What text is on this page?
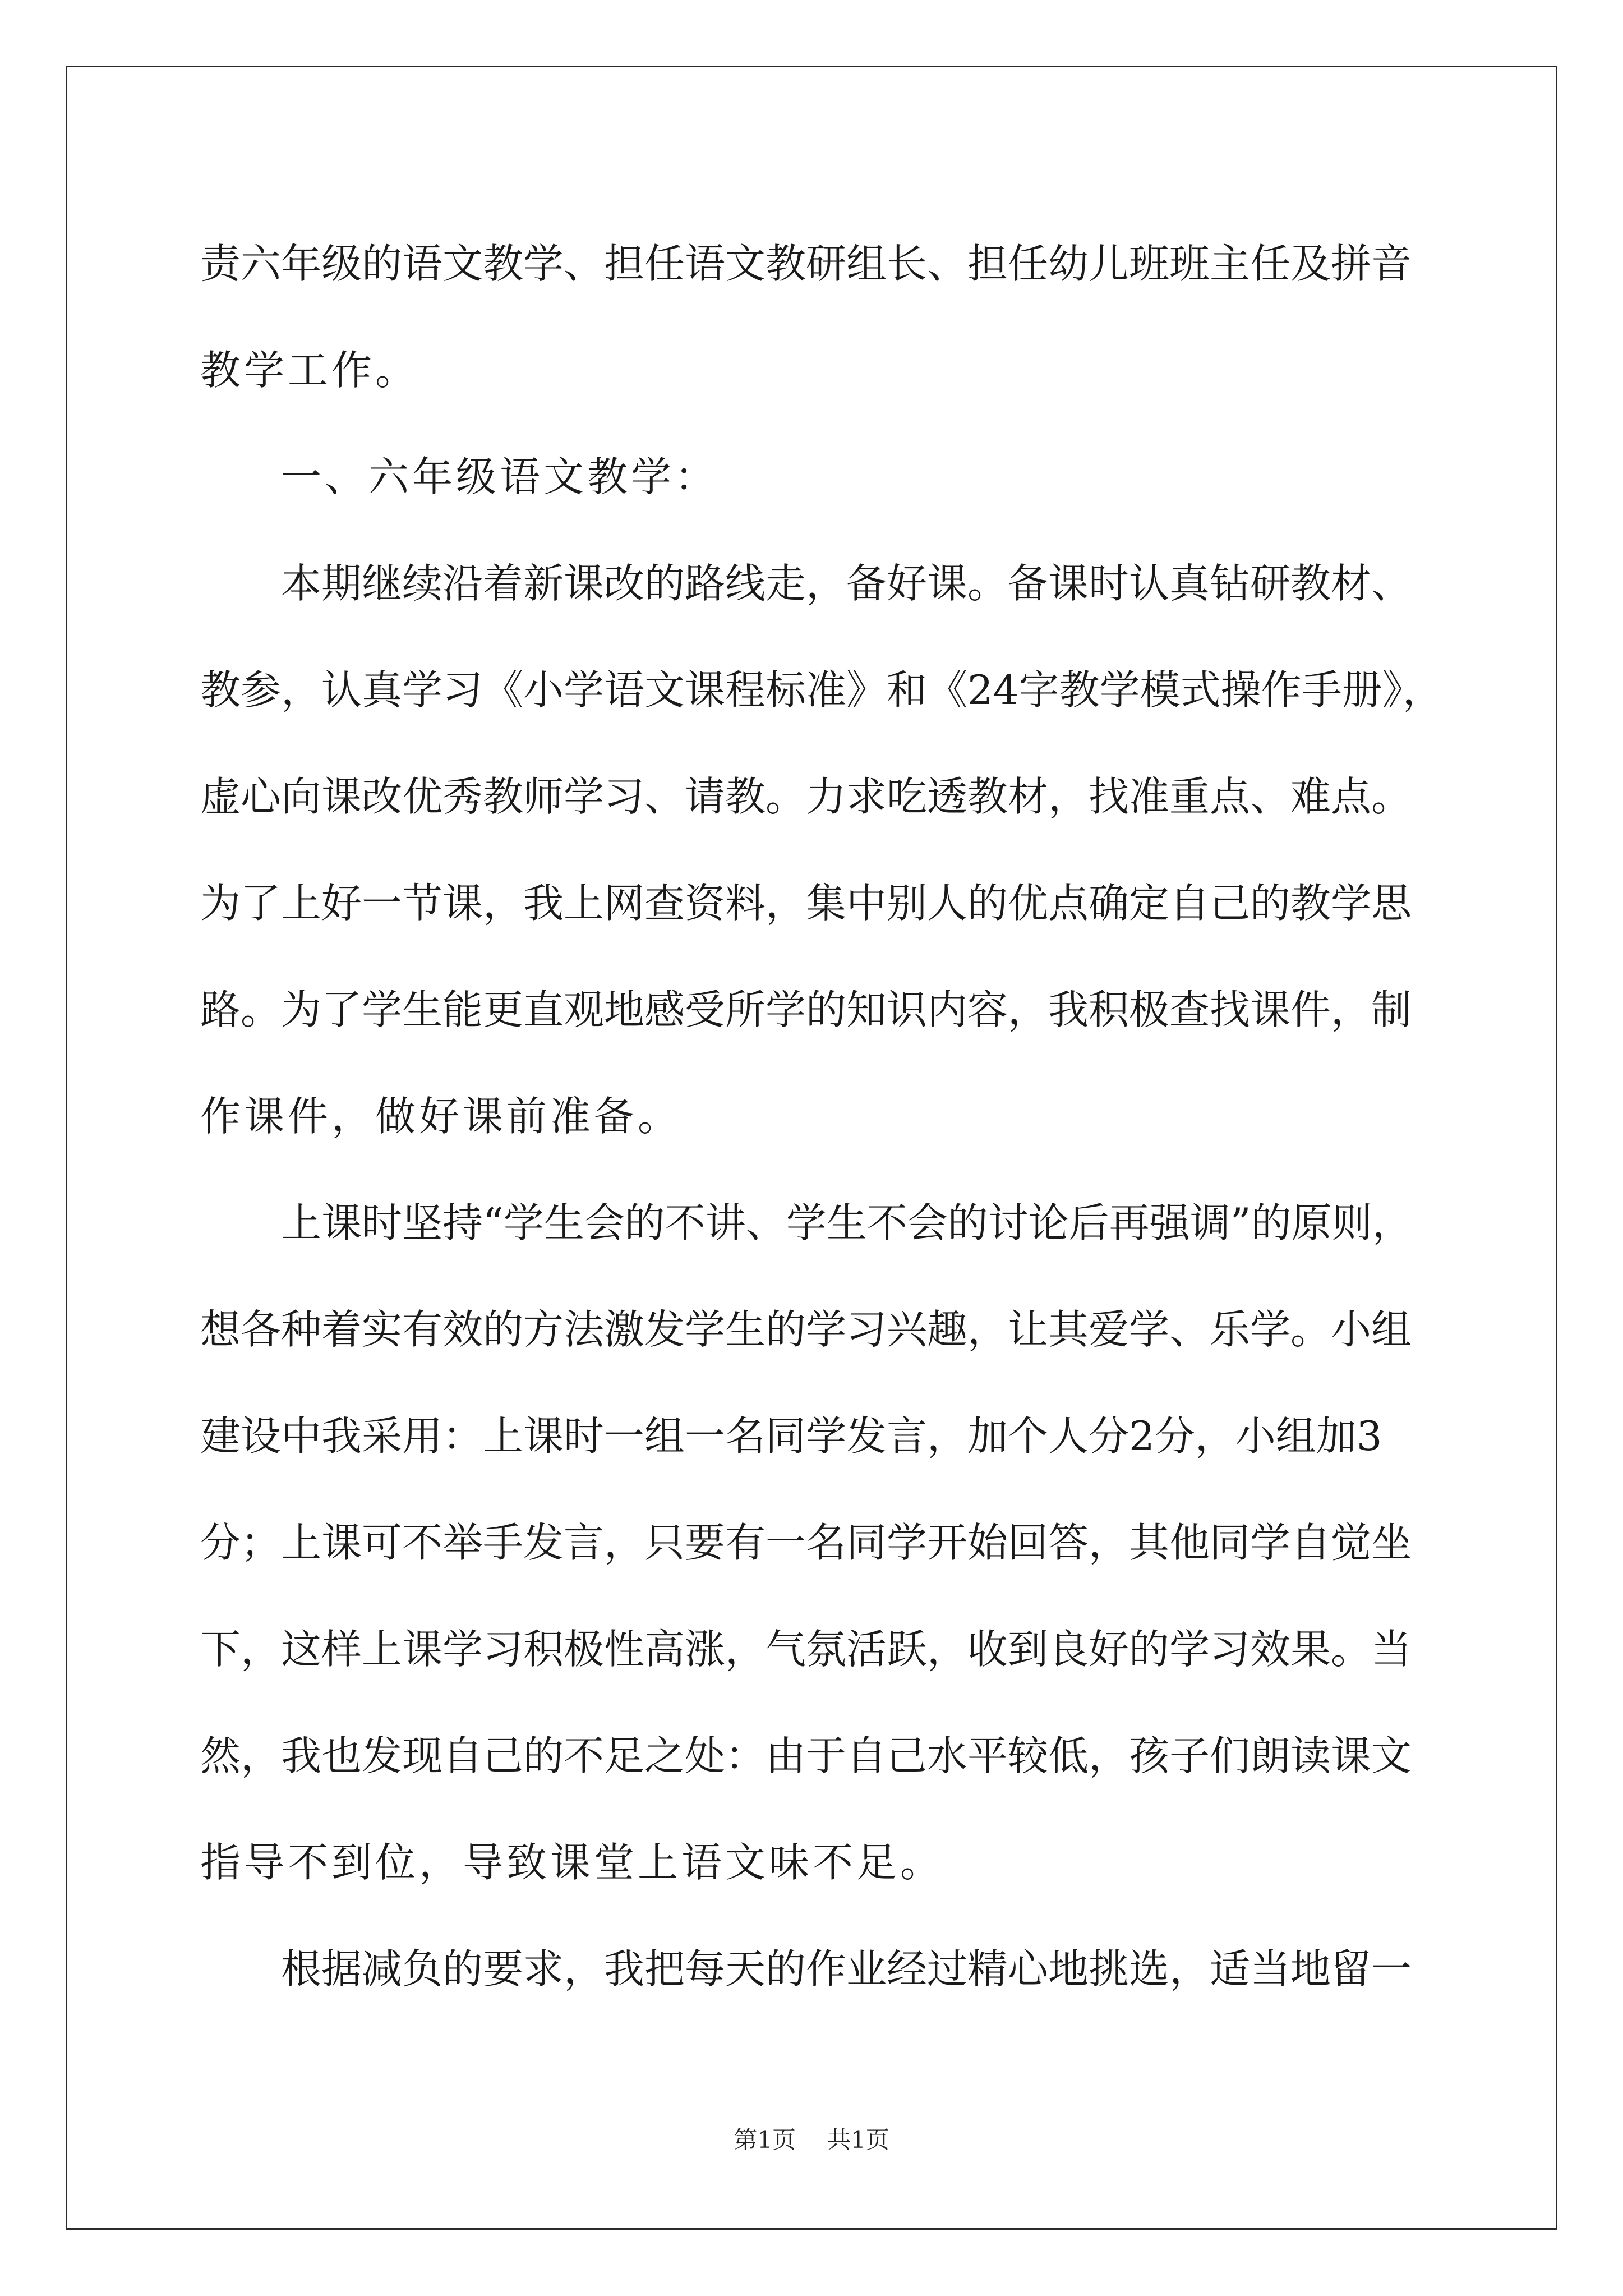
责六年级的语文教学、担任语文教研组长、担任幼儿班班主任及拼音
教学工作。
一、六年级语文教学：
本期继续沿着新课改的路线走，备好课。备课时认真钻研教材、
教参，认真学习《小学语文课程标准》和《24字教学模式操作手册》，
虚心向课改优秀教师学习、请教。力求吃透教材，找准重点、难点。
为了上好一节课，我上网查资料，集中别人的优点确定自己的教学思
路。为了学生能更直观地感受所学的知识内容，我积极查找课件，制
作课件，做好课前准备。
上课时坚持“学生会的不讲、学生不会的讨论后再强调”的原则，
想各种着实有效的方法激发学生的学习兴趣，让其爱学、乐学。小组
建设中我采用：上课时一组一名同学发言，加个人分2分，小组加3
分；上课可不举手发言，只要有一名同学开始回答，其他同学自觉坐
下，这样上课学习积极性高涨，气氛活跃，收到良好的学习效果。当
然，我也发现自己的不足之处：由于自己水平较低，孩子们朗读课文
指导不到位，导致课堂上语文味不足。
根据减负的要求，我把每天的作业经过精心地挑选，适当地留一
第1页 共1页
